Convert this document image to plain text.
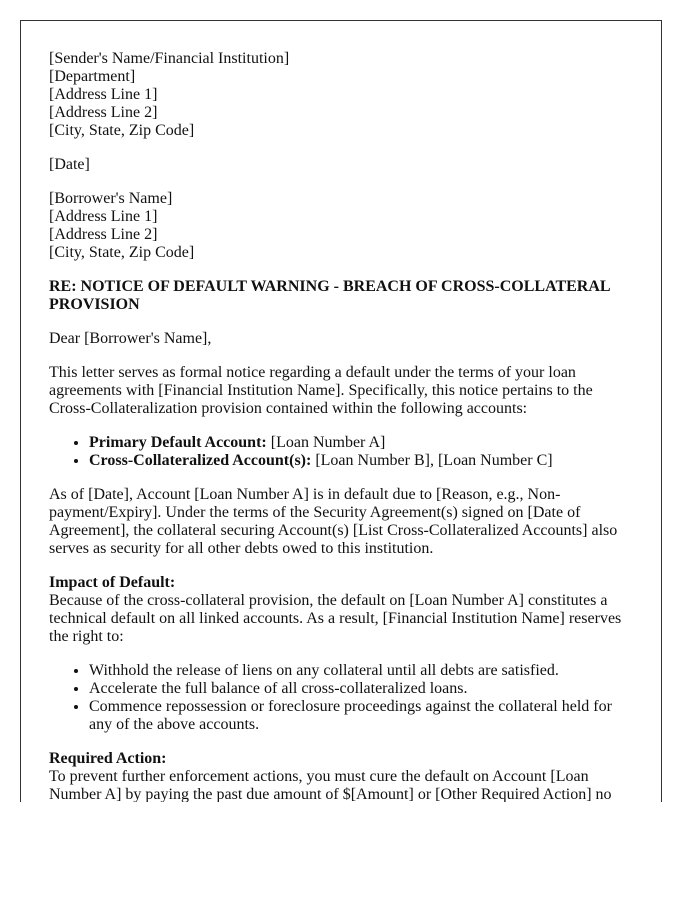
[Sender's Name/Financial Institution]
[Department]
[Address Line 1]
[Address Line 2]
[City, State, Zip Code]
[Date]
[Borrower's Name]
[Address Line 1]
[Address Line 2]
[City, State, Zip Code]
RE: NOTICE OF DEFAULT WARNING - BREACH OF CROSS-COLLATERAL PROVISION

Dear [Borrower's Name],

This letter serves as formal notice regarding a default under the terms of your loan agreements with [Financial Institution Name]. Specifically, this notice pertains to the Cross-Collateralization provision contained within the following accounts:

• Primary Default Account: [Loan Number A]
• Cross-Collateralized Account(s): [Loan Number B], [Loan Number C]

As of [Date], Account [Loan Number A] is in default due to [Reason, e.g., Non-payment/Expiry]. Under the terms of the Security Agreement(s) signed on [Date of Agreement], the collateral securing Account(s) [List Cross-Collateralized Accounts] also serves as security for all other debts owed to this institution.

Impact of Default:

Because of the cross-collateral provision, the default on [Loan Number A] constitutes a technical default on all linked accounts. As a result, [Financial Institution Name] reserves the right to:

• Withhold the release of liens on any collateral until all debts are satisfied.
• Accelerate the full balance of all cross-collateralized loans.
• Commence repossession or foreclosure proceedings against the collateral held for any of the above accounts.
Required Action:

To prevent further enforcement actions, you must cure the default on Account [Loan Number A] by paying the past due amount of $[Amount] or [Other Required Action] no
